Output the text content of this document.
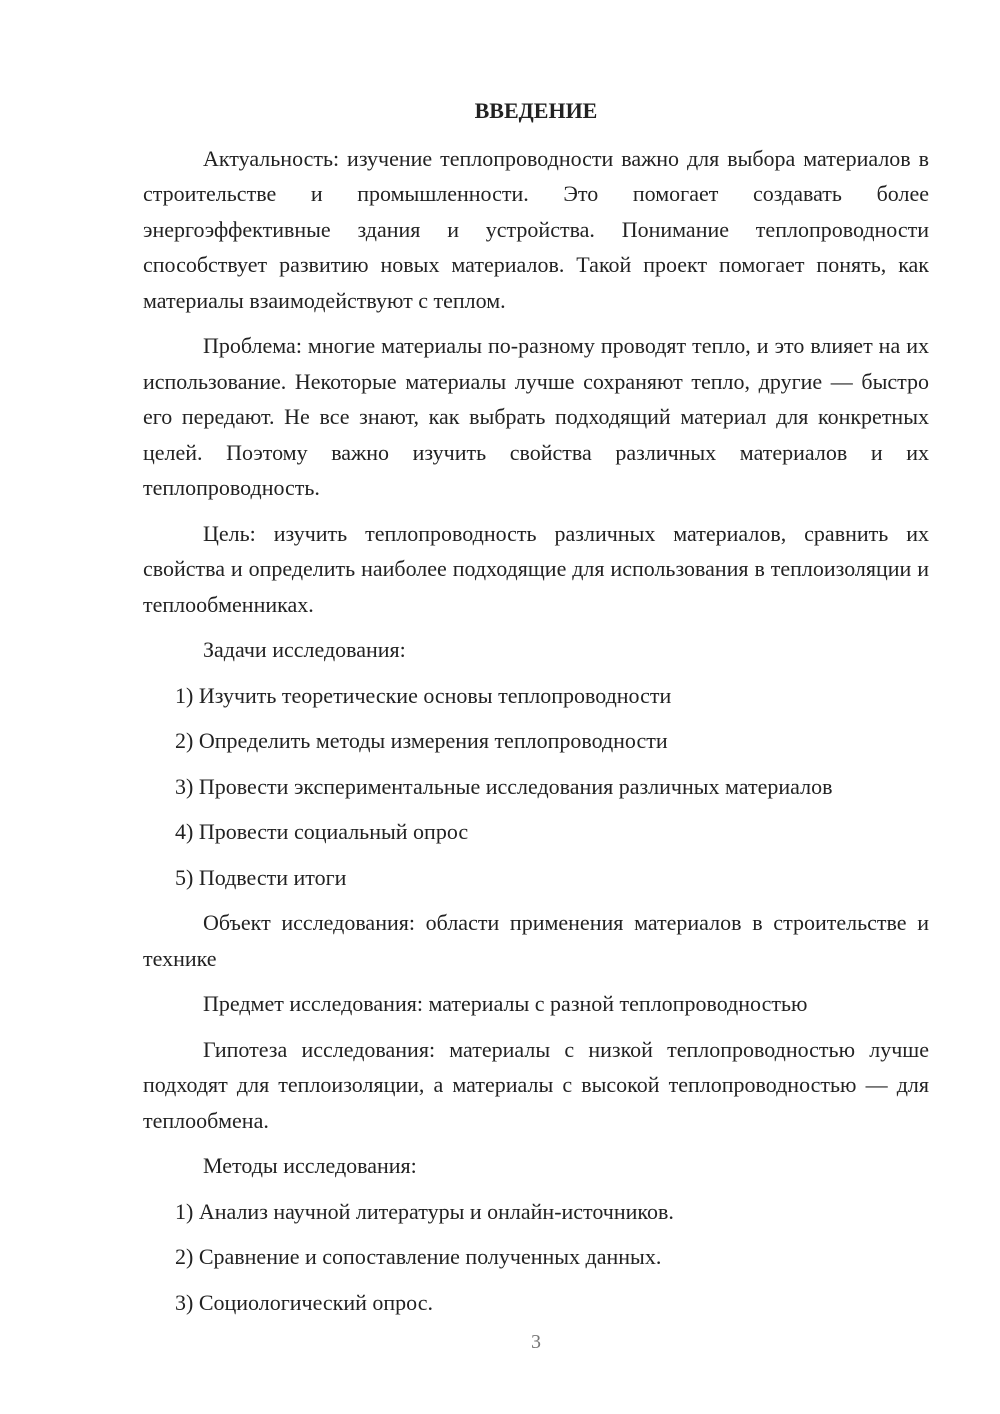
ВВЕДЕНИЕ

Актуальность: изучение теплопроводности важно для выбора материалов в строительстве и промышленности. Это помогает создавать более энергоэффективные здания и устройства. Понимание теплопроводности способствует развитию новых материалов. Такой проект помогает понять, как материалы взаимодействуют с теплом.

Проблема: многие материалы по-разному проводят тепло, и это влияет на их использование. Некоторые материалы лучше сохраняют тепло, другие — быстро его передают. Не все знают, как выбрать подходящий материал для конкретных целей. Поэтому важно изучить свойства различных материалов и их теплопроводность.

Цель: изучить теплопроводность различных материалов, сравнить их свойства и определить наиболее подходящие для использования в теплоизоляции и теплообменниках.

Задачи исследования:

1) Изучить теоретические основы теплопроводности
2) Определить методы измерения теплопроводности
3) Провести экспериментальные исследования различных материалов
4) Провести социальный опрос
5) Подвести итоги

Объект исследования: области применения материалов в строительстве и технике

Предмет исследования: материалы с разной теплопроводностью

Гипотеза исследования: материалы с низкой теплопроводностью лучше подходят для теплоизоляции, а материалы с высокой теплопроводностью — для теплообмена.

Методы исследования:

1) Анализ научной литературы и онлайн-источников.
2) Сравнение и сопоставление полученных данных.
3) Социологический опрос.
3
